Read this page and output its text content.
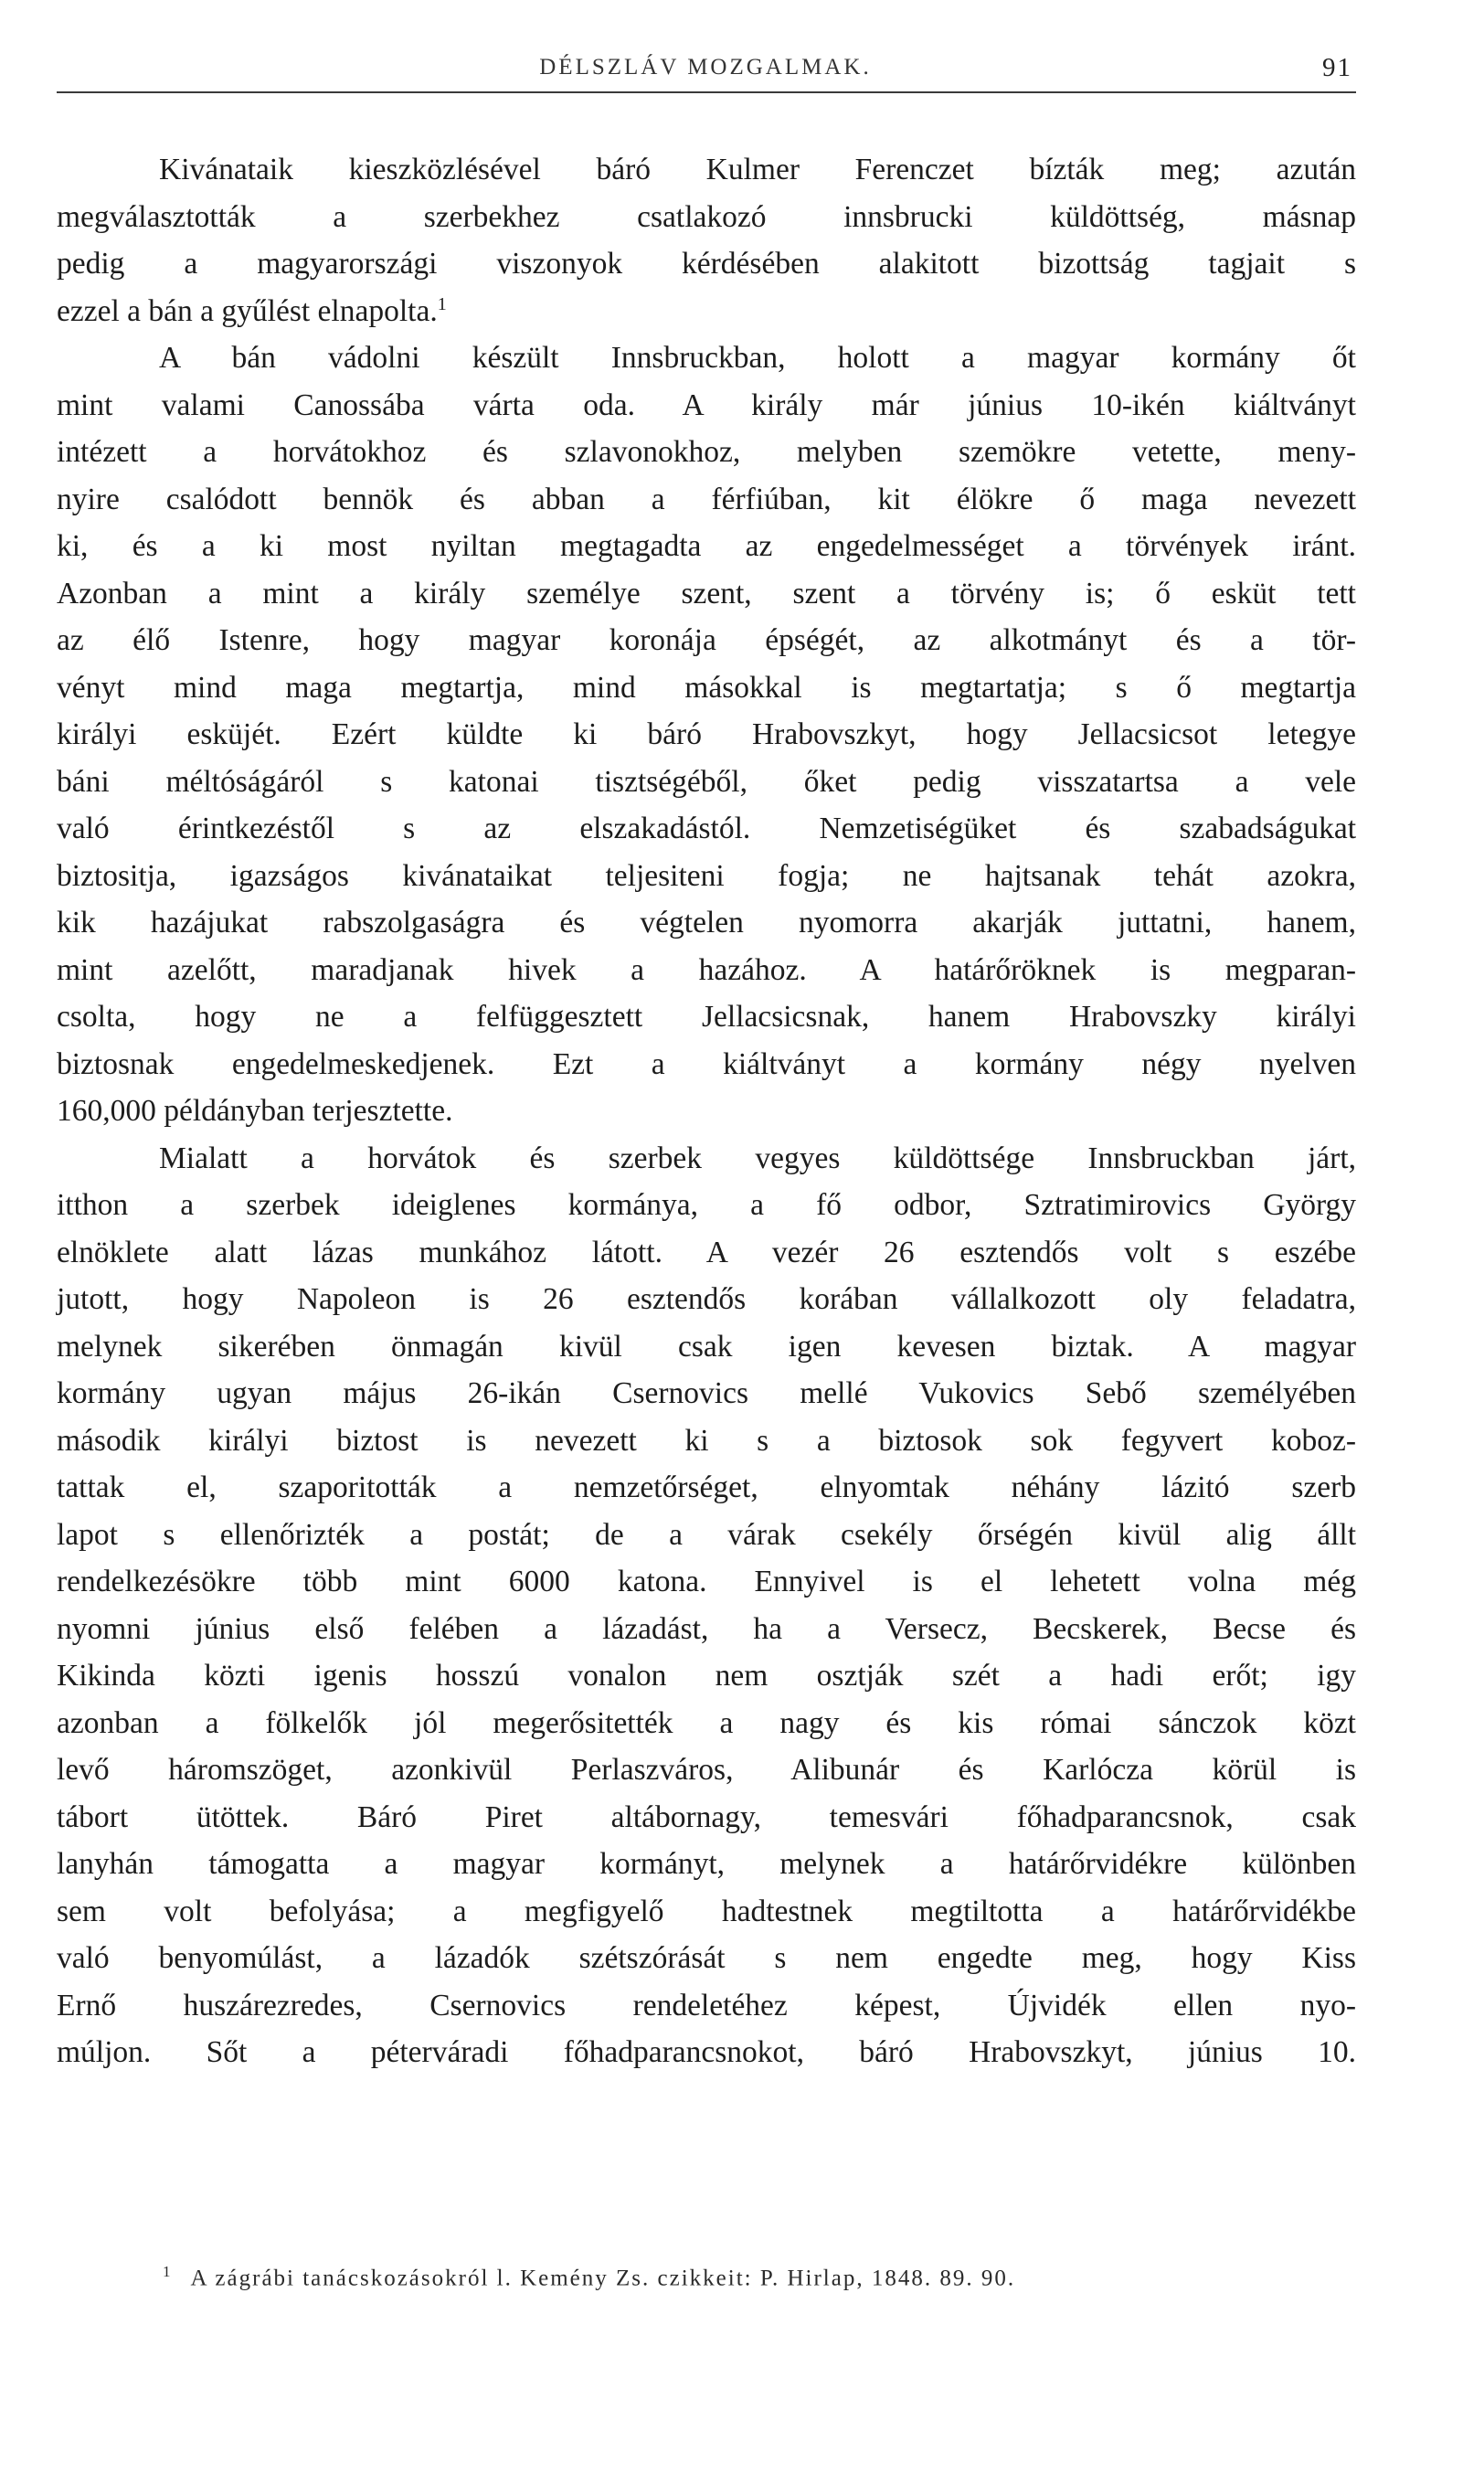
DÉLSZLÁV MOZGALMAK.	91
Kivánataik kieszközlésével báró Kulmer Ferenczet bízták meg; azután
megválasztották a szerbekhez csatlakozó innsbrucki küldöttség, másnap
pedig a magyarországi viszonyok kérdésében alakitott bizottság tagjait s
ezzel a bán a gyűlést elnapolta.$^1$
A bán vádolni készült Innsbruckban, holott a magyar kormány őt
mint valami Canossába várta oda. A király már június 10-ikén kiáltványt
intézett a horvátokhoz és szlavonokhoz, melyben szemökre vetette, meny-
nyire csalódott bennök és abban a férfiúban, kit élökre ő maga nevezett
ki, és a ki most nyiltan megtagadta az engedelmességet a törvények iránt.
Azonban a mint a király személye szent, szent a törvény is; ő esküt tett
az élő Istenre, hogy magyar koronája épségét, az alkotmányt és a tör-
vényt mind maga megtartja, mind másokkal is megtartatja; s ő megtartja
királyi esküjét. Ezért küldte ki báró Hrabovszkyt, hogy Jellacsicsot letegye
báni méltóságáról s katonai tisztségéből, őket pedig visszatartsa a vele
való érintkezéstől s az elszakadástól. Nemzetiségüket és szabadságukat
biztositja, igazságos kivánataikat teljesiteni fogja; ne hajtsanak tehát azokra,
kik hazájukat rabszolgaságra és végtelen nyomorra akarják juttatni, hanem,
mint azelőtt, maradjanak hivek a hazához. A határőröknek is megparan-
csolta, hogy ne a felfüggesztett Jellacsicsnak, hanem Hrabovszky királyi
biztosnak engedelmeskedjenek. Ezt a kiáltványt a kormány négy nyelven
160,000 példányban terjesztette.
Mialatt a horvátok és szerbek vegyes küldöttsége Innsbruckban járt,
itthon a szerbek ideiglenes kormánya, a fő odbor, Sztratimirovics György
elnöklete alatt lázas munkához látott. A vezér 26 esztendős volt s eszébe
jutott, hogy Napoleon is 26 esztendős korában vállalkozott oly feladatra,
melynek sikerében önmagán kivül csak igen kevesen biztak. A magyar
kormány ugyan május 26-ikán Csernovics mellé Vukovics Sebő személyében
második királyi biztost is nevezett ki s a biztosok sok fegyvert koboz-
tattak el, szaporitották a nemzetőrséget, elnyomtak néhány lázitó szerb
lapot s ellenőrizték a postát; de a várak csekély őrségén kivül alig állt
rendelkezésökre több mint 6000 katona. Ennyivel is el lehetett volna még
nyomni június első felében a lázadást, ha a Versecz, Becskerek, Becse és
Kikinda közti igenis hosszú vonalon nem osztják szét a hadi erőt; igy
azonban a fölkelők jól megerősitették a nagy és kis római sánczok közt
levő háromszöget, azonkivül Perlaszváros, Alibunár és Karlócza körül is
tábort ütöttek. Báró Piret altábornagy, temesvári főhadparancsnok, csak
lanyhán támogatta a magyar kormányt, melynek a határőrvidékre különben
sem volt befolyása; a megfigyelő hadtestnek megtiltotta a határőrvidékbe
való benyomúlást, a lázadók szétszórását s nem engedte meg, hogy Kiss
Ernő huszárezredes, Csernovics rendeletéhez képest, Újvidék ellen nyo-
múljon. Sőt a péterváradi főhadparancsnokot, báró Hrabovszkyt, június 10.
$^1$ A zágrábi tanácskozásokról l. Kemény Zs. czikkeit: P. Hirlap, 1848. 89. 90.
